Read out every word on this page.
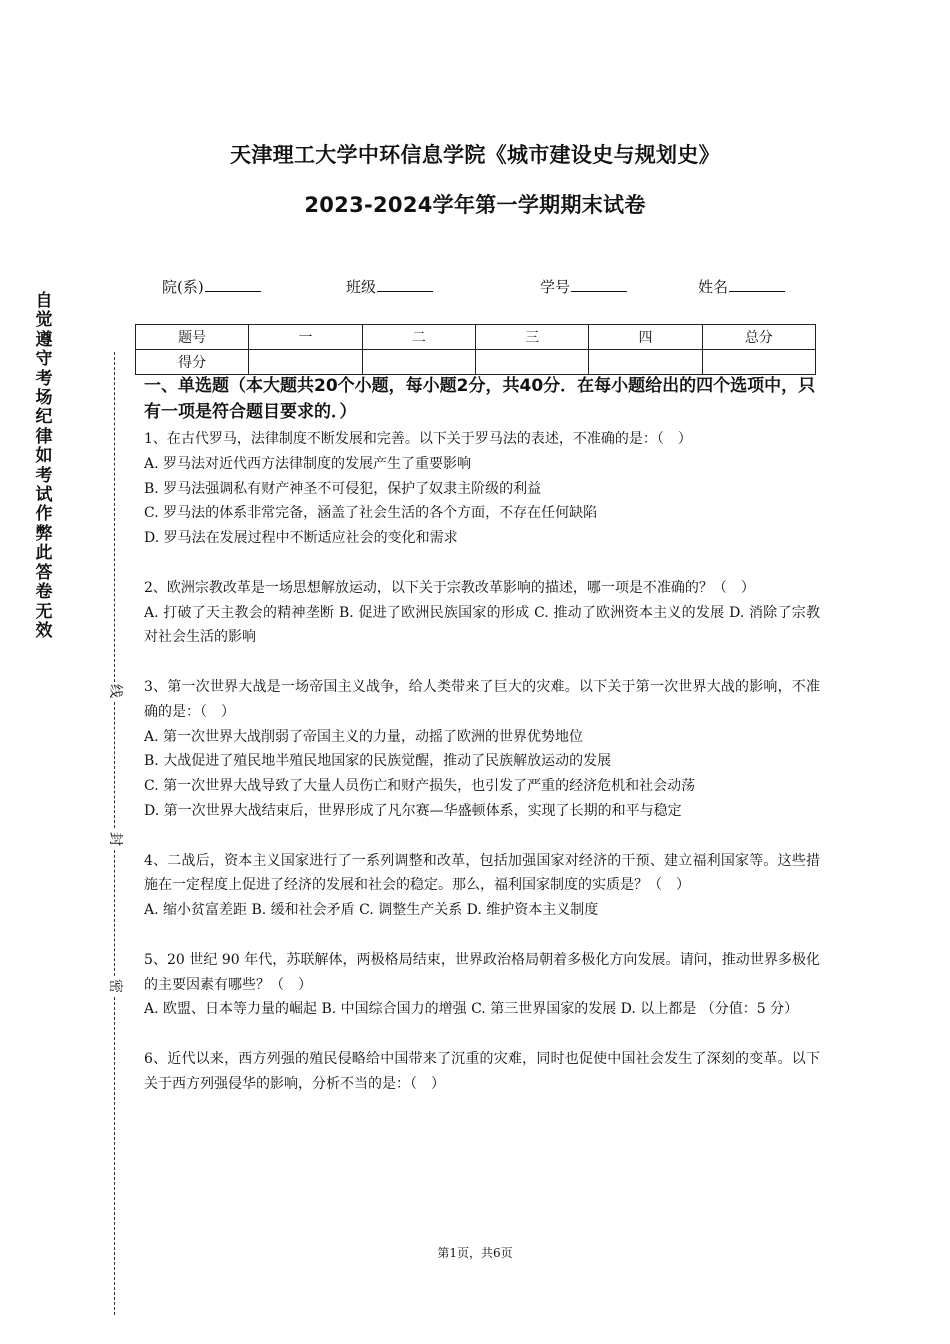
自觉遵守考场纪律如考试作弊此答卷无效
线
封
密
天津理工大学中环信息学院《城市建设史与规划史》
2023-2024学年第一学期期末试卷
院(系)	班级	学号	姓名
题号	一	二	三	四	总分
得分					
一、单选题（本大题共20个小题，每小题2分，共40分．在每小题给出的四个选项中，只有一项是符合题目要求的．）
1、在古代罗马，法律制度不断发展和完善。以下关于罗马法的表述，不准确的是：（　）
A. 罗马法对近代西方法律制度的发展产生了重要影响
B. 罗马法强调私有财产神圣不可侵犯，保护了奴隶主阶级的利益
C. 罗马法的体系非常完备，涵盖了社会生活的各个方面，不存在任何缺陷
D. 罗马法在发展过程中不断适应社会的变化和需求
2、欧洲宗教改革是一场思想解放运动，以下关于宗教改革影响的描述，哪一项是不准确的？（　）
A. 打破了天主教会的精神垄断 B. 促进了欧洲民族国家的形成 C. 推动了欧洲资本主义的发展 D. 消除了宗教对社会生活的影响
3、第一次世界大战是一场帝国主义战争，给人类带来了巨大的灾难。以下关于第一次世界大战的影响，不准确的是：（　）
A. 第一次世界大战削弱了帝国主义的力量，动摇了欧洲的世界优势地位
B. 大战促进了殖民地半殖民地国家的民族觉醒，推动了民族解放运动的发展
C. 第一次世界大战导致了大量人员伤亡和财产损失，也引发了严重的经济危机和社会动荡
D. 第一次世界大战结束后，世界形成了凡尔赛—华盛顿体系，实现了长期的和平与稳定
4、二战后，资本主义国家进行了一系列调整和改革，包括加强国家对经济的干预、建立福利国家等。这些措施在一定程度上促进了经济的发展和社会的稳定。那么，福利国家制度的实质是？（　）
A. 缩小贫富差距 B. 缓和社会矛盾 C. 调整生产关系 D. 维护资本主义制度
5、20 世纪 90 年代，苏联解体，两极格局结束，世界政治格局朝着多极化方向发展。请问，推动世界多极化的主要因素有哪些？（　）
A. 欧盟、日本等力量的崛起 B. 中国综合国力的增强 C. 第三世界国家的发展 D. 以上都是 （分值：5 分）
6、近代以来，西方列强的殖民侵略给中国带来了沉重的灾难，同时也促使中国社会发生了深刻的变革。以下关于西方列强侵华的影响，分析不当的是：（　）
第1页，共6页
